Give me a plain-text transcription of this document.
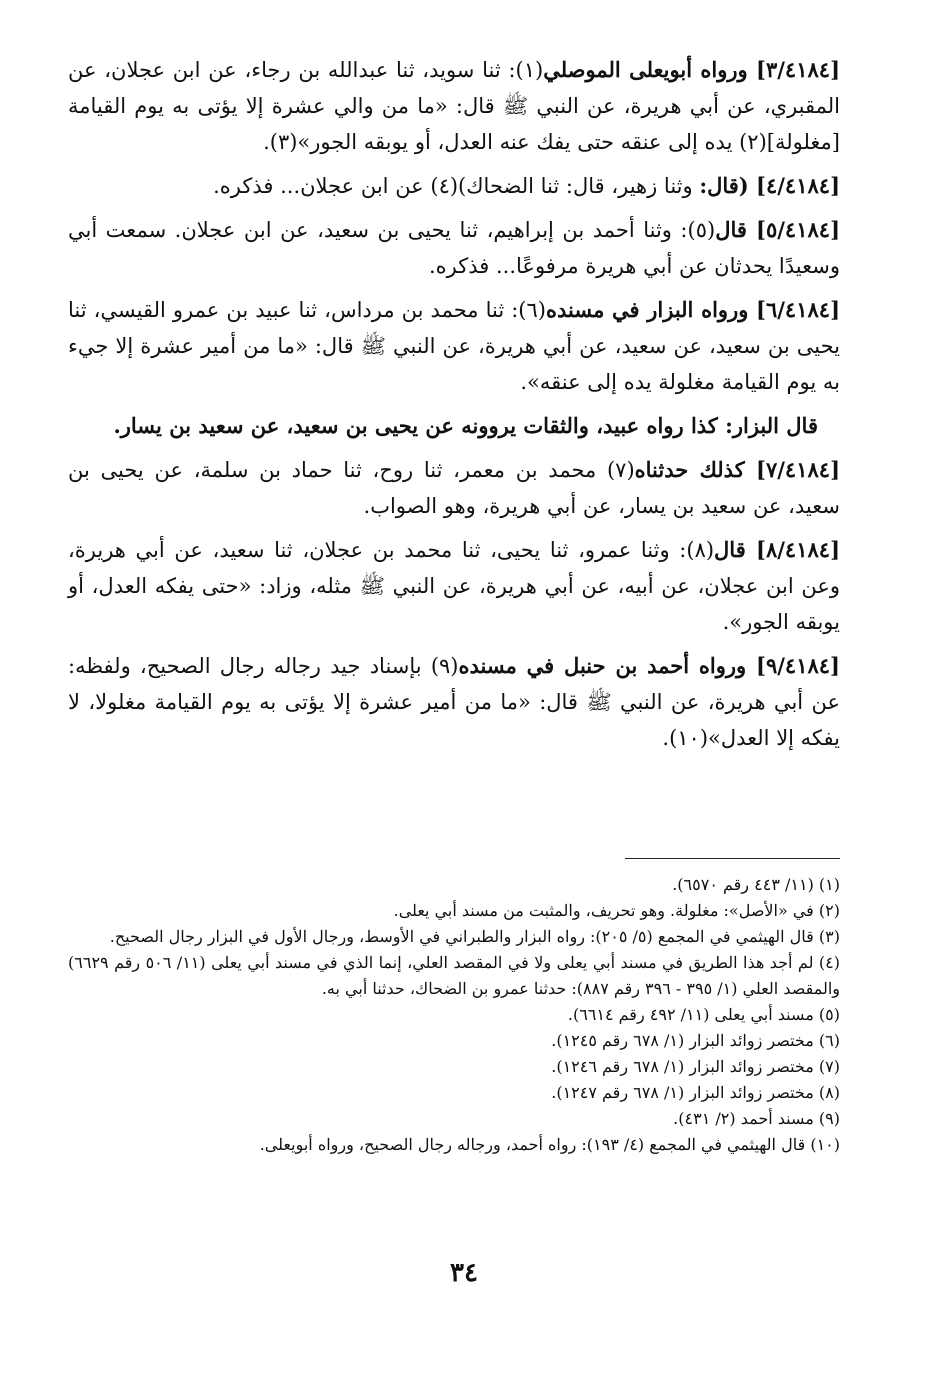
[٣/٤١٨٤] ورواه أبويعلى الموصلي(١): ثنا سويد، ثنا عبدالله بن رجاء، عن ابن عجلان، عن المقبري، عن أبي هريرة، عن النبي ﷺ قال: «ما من والي عشرة إلا يؤتى به يوم القيامة [مغلولة](٢) يده إلى عنقه حتى يفك عنه العدل، أو يوبقه الجور»(٣).

[٤/٤١٨٤] (قال: وثنا زهير، قال: ثنا الضحاك)(٤) عن ابن عجلان... فذكره.

[٥/٤١٨٤] قال(٥): وثنا أحمد بن إبراهيم، ثنا يحيى بن سعيد، عن ابن عجلان. سمعت أبي وسعيدًا يحدثان عن أبي هريرة مرفوعًا... فذكره.

[٦/٤١٨٤] ورواه البزار في مسنده(٦): ثنا محمد بن مرداس، ثنا عبيد بن عمرو القيسي، ثنا يحيى بن سعيد، عن سعيد، عن أبي هريرة، عن النبي ﷺ قال: «ما من أمير عشرة إلا جيء به يوم القيامة مغلولة يده إلى عنقه».

قال البزار: كذا رواه عبيد، والثقات يروونه عن يحيى بن سعيد، عن سعيد بن يسار.

[٧/٤١٨٤] كذلك حدثناه(٧) محمد بن معمر، ثنا روح، ثنا حماد بن سلمة، عن يحيى بن سعيد، عن سعيد بن يسار، عن أبي هريرة، وهو الصواب.

[٨/٤١٨٤] قال(٨): وثنا عمرو، ثنا يحيى، ثنا محمد بن عجلان، ثنا سعيد، عن أبي هريرة، وعن ابن عجلان، عن أبيه، عن أبي هريرة، عن النبي ﷺ مثله، وزاد: «حتى يفكه العدل، أو يوبقه الجور».

[٩/٤١٨٤] ورواه أحمد بن حنبل في مسنده(٩) بإسناد جيد رجاله رجال الصحيح، ولفظه: عن أبي هريرة، عن النبي ﷺ قال: «ما من أمير عشرة إلا يؤتى به يوم القيامة مغلولا، لا يفكه إلا العدل»(١٠).

(١) (١١/ ٤٤٣ رقم ٦٥٧٠).

(٢) في «الأصل»: مغلولة. وهو تحريف، والمثبت من مسند أبي يعلى.

(٣) قال الهيثمي في المجمع (٥/ ٢٠٥): رواه البزار والطبراني في الأوسط، ورجال الأول في البزار رجال الصحيح.

(٤) لم أجد هذا الطريق في مسند أبي يعلى ولا في المقصد العلي، إنما الذي في مسند أبي يعلى (١١/ ٥٠٦ رقم ٦٦٢٩) والمقصد العلي (١/ ٣٩٥ - ٣٩٦ رقم ٨٨٧): حدثنا عمرو بن الضحاك، حدثنا أبي به.

(٥) مسند أبي يعلى (١١/ ٤٩٢ رقم ٦٦١٤).

(٦) مختصر زوائد البزار (١/ ٦٧٨ رقم ١٢٤٥).

(٧) مختصر زوائد البزار (١/ ٦٧٨ رقم ١٢٤٦).

(٨) مختصر زوائد البزار (١/ ٦٧٨ رقم ١٢٤٧).

(٩) مسند أحمد (٢/ ٤٣١).

(١٠) قال الهيثمي في المجمع (٤/ ١٩٣): رواه أحمد، ورجاله رجال الصحيح، ورواه أبويعلى.

٣٤
